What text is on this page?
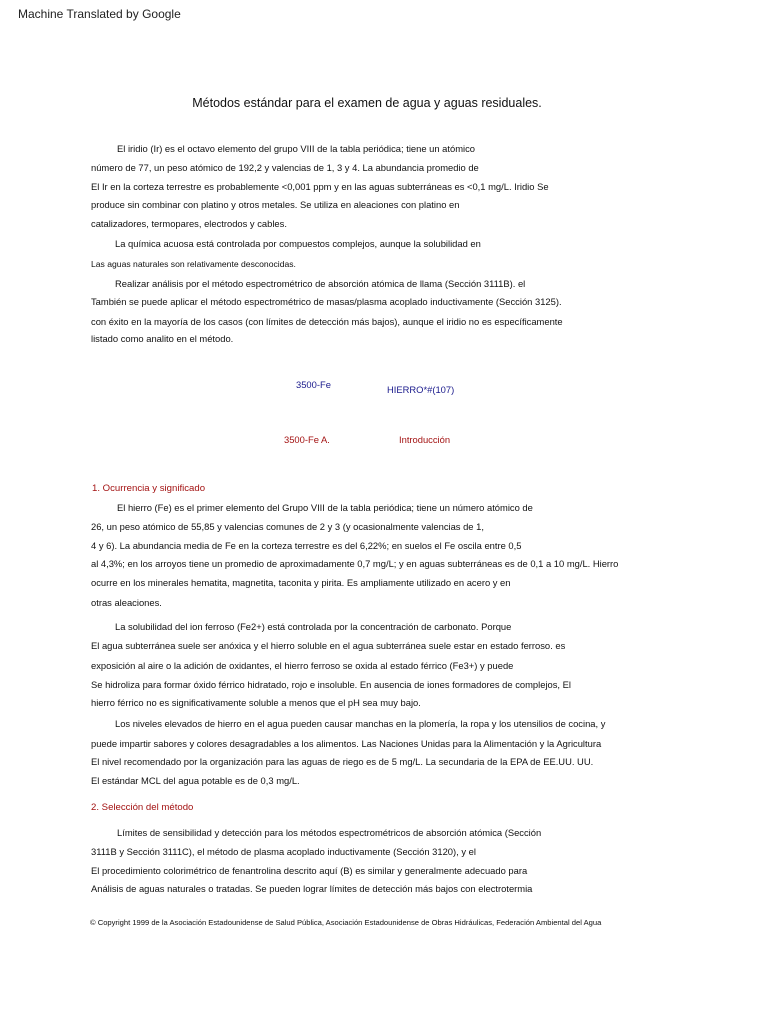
Machine Translated by Google
Métodos estándar para el examen de agua y aguas residuales.
El iridio (Ir) es el octavo elemento del grupo VIII de la tabla periódica; tiene un atómico
número de 77, un peso atómico de 192,2 y valencias de 1, 3 y 4. La abundancia promedio de
El Ir en la corteza terrestre es probablemente <0,001 ppm y en las aguas subterráneas es <0,1 mg/L. Iridio Se
produce sin combinar con platino y otros metales. Se utiliza en aleaciones con platino en
catalizadores, termopares, electrodos y cables.
La química acuosa está controlada por compuestos complejos, aunque la solubilidad en
Las aguas naturales son relativamente desconocidas.
Realizar análisis por el método espectrométrico de absorción atómica de llama (Sección 3111B). el
También se puede aplicar el método espectrométrico de masas/plasma acoplado inductivamente (Sección 3125).
con éxito en la mayoría de los casos (con límites de detección más bajos), aunque el iridio no es específicamente
listado como analito en el método.
3500-Fe	HIERRO*#(107)
3500-Fe A.	Introducción
1. Ocurrencia y significado
El hierro (Fe) es el primer elemento del Grupo VIII de la tabla periódica; tiene un número atómico de
26, un peso atómico de 55,85 y valencias comunes de 2 y 3 (y ocasionalmente valencias de 1,
4 y 6). La abundancia media de Fe en la corteza terrestre es del 6,22%; en suelos el Fe oscila entre 0,5
al 4,3%; en los arroyos tiene un promedio de aproximadamente 0,7 mg/L; y en aguas subterráneas es de 0,1 a 10 mg/L. Hierro
ocurre en los minerales hematita, magnetita, taconita y pirita. Es ampliamente utilizado en acero y en
otras aleaciones.
La solubilidad del ion ferroso (Fe2+) está controlada por la concentración de carbonato. Porque
El agua subterránea suele ser anóxica y el hierro soluble en el agua subterránea suele estar en estado ferroso. es
exposición al aire o la adición de oxidantes, el hierro ferroso se oxida al estado férrico (Fe3+) y puede
Se hidroliza para formar óxido férrico hidratado, rojo e insoluble. En ausencia de iones formadores de complejos, El
hierro férrico no es significativamente soluble a menos que el pH sea muy bajo.
Los niveles elevados de hierro en el agua pueden causar manchas en la plomería, la ropa y los utensilios de cocina, y
puede impartir sabores y colores desagradables a los alimentos. Las Naciones Unidas para la Alimentación y la Agricultura
El nivel recomendado por la organización para las aguas de riego es de 5 mg/L. La secundaria de la EPA de EE.UU. UU.
El estándar MCL del agua potable es de 0,3 mg/L.
2. Selección del método
Límites de sensibilidad y detección para los métodos espectrométricos de absorción atómica (Sección
3111B y Sección 3111C), el método de plasma acoplado inductivamente (Sección 3120), y el
El procedimiento colorimétrico de fenantrolina descrito aquí (B) es similar y generalmente adecuado para
Análisis de aguas naturales o tratadas. Se pueden lograr límites de detección más bajos con electrotermia
© Copyright 1999 de la Asociación Estadounidense de Salud Pública, Asociación Estadounidense de Obras Hidráulicas, Federación Ambiental del Agua
